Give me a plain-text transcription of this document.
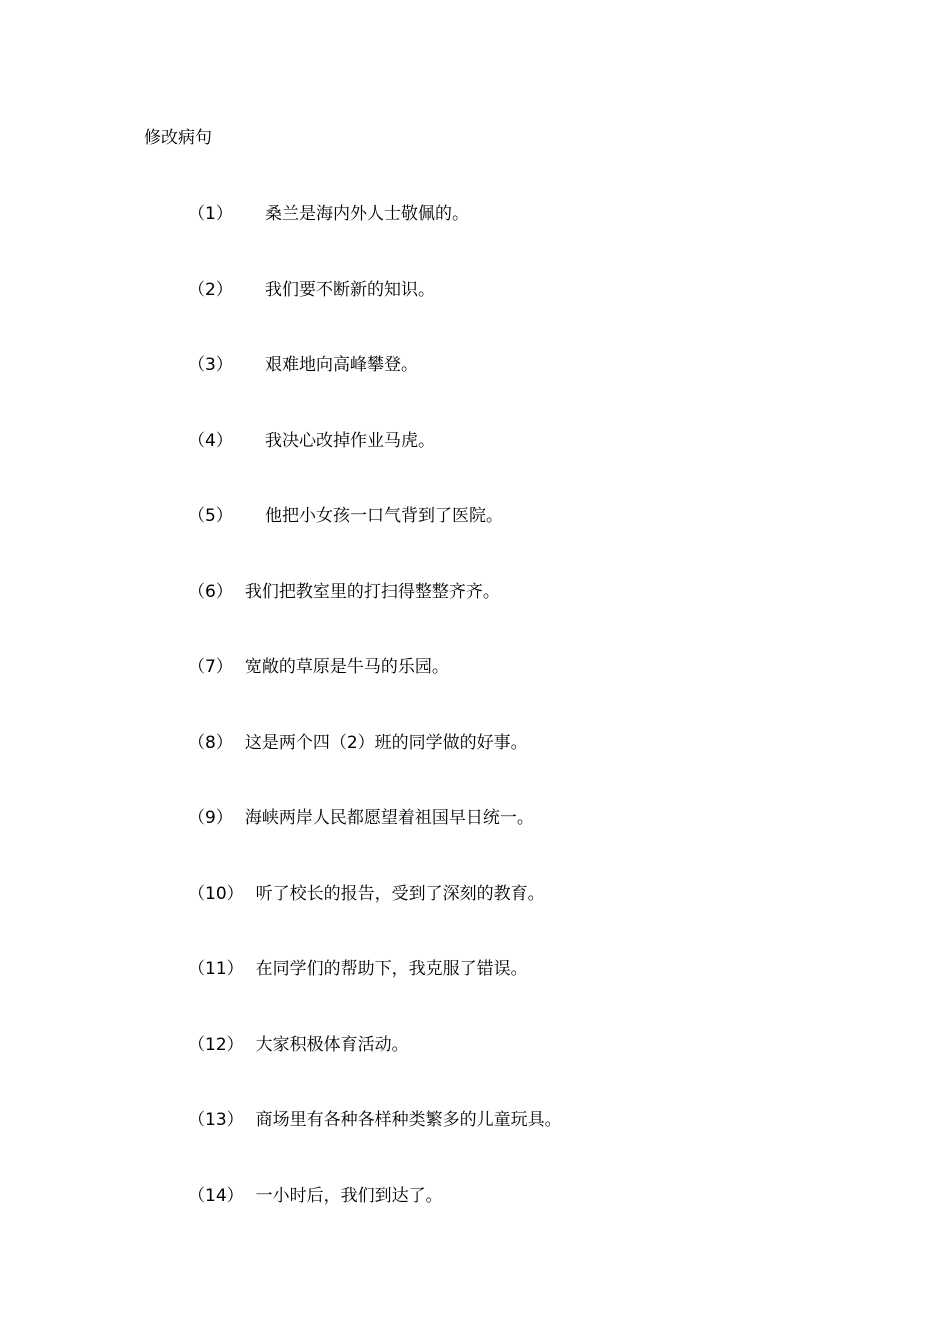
修改病句
（1）	桑兰是海内外人士敬佩的。
（2）	我们要不断新的知识。
（3）	艰难地向高峰攀登。
（4）	我决心改掉作业马虎。
（5）	他把小女孩一口气背到了医院。
（6） 我们把教室里的打扫得整整齐齐。
（7） 宽敞的草原是牛马的乐园。
（8） 这是两个四（2）班的同学做的好事。
（9） 海峡两岸人民都愿望着祖国早日统一。
（10） 听了校长的报告，受到了深刻的教育。
（11） 在同学们的帮助下，我克服了错误。
（12） 大家积极体育活动。
（13） 商场里有各种各样种类繁多的儿童玩具。
（14） 一小时后，我们到达了。
